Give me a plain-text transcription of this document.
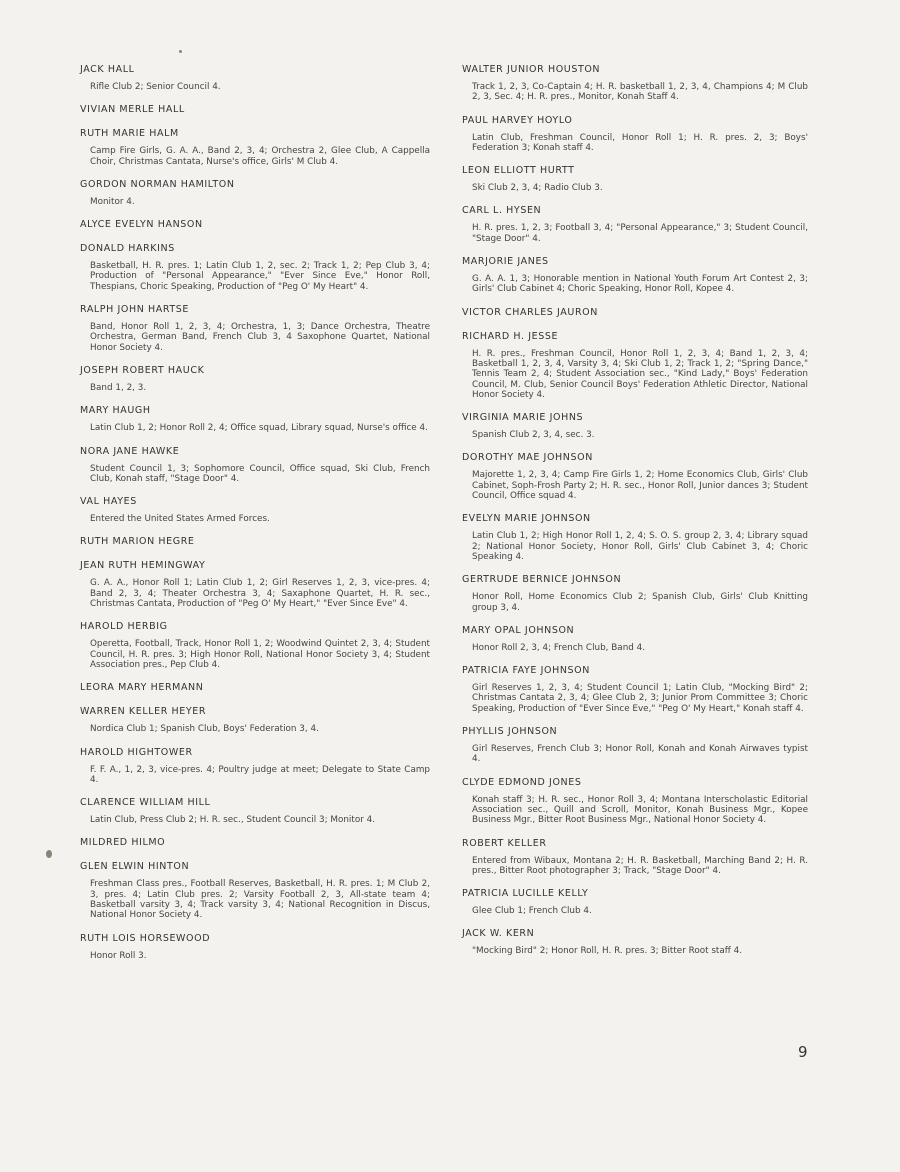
JACK HALL
Rifle Club 2; Senior Council 4.
VIVIAN MERLE HALL
RUTH MARIE HALM
Camp Fire Girls, G. A. A., Band 2, 3, 4; Orchestra 2, Glee Club, A Cappella Choir, Christmas Cantata, Nurse's office, Girls' M Club 4.
GORDON NORMAN HAMILTON
Monitor 4.
ALYCE EVELYN HANSON
DONALD HARKINS
Basketball, H. R. pres. 1; Latin Club 1, 2, sec. 2; Track 1, 2; Pep Club 3, 4; Production of "Personal Appearance," "Ever Since Eve," Honor Roll, Thespians, Choric Speaking, Production of "Peg O' My Heart" 4.
RALPH JOHN HARTSE
Band, Honor Roll 1, 2, 3, 4; Orchestra, 1, 3; Dance Orchestra, Theatre Orchestra, German Band, French Club 3, 4 Saxophone Quartet, National Honor Society 4.
JOSEPH ROBERT HAUCK
Band 1, 2, 3.
MARY HAUGH
Latin Club 1, 2; Honor Roll 2, 4; Office squad, Library squad, Nurse's office 4.
NORA JANE HAWKE
Student Council 1, 3; Sophomore Council, Office squad, Ski Club, French Club, Konah staff, "Stage Door" 4.
VAL HAYES
Entered the United States Armed Forces.
RUTH MARION HEGRE
JEAN RUTH HEMINGWAY
G. A. A., Honor Roll 1; Latin Club 1, 2; Girl Reserves 1, 2, 3, vice-pres. 4; Band 2, 3, 4; Theater Orchestra 3, 4; Saxaphone Quartet, H. R. sec., Christmas Cantata, Production of "Peg O' My Heart," "Ever Since Eve" 4.
HAROLD HERBIG
Operetta, Football, Track, Honor Roll 1, 2; Woodwind Quintet 2, 3, 4; Student Council, H. R. pres. 3; High Honor Roll, National Honor Society 3, 4; Student Association pres., Pep Club 4.
LEORA MARY HERMANN
WARREN KELLER HEYER
Nordica Club 1; Spanish Club, Boys' Federation 3, 4.
HAROLD HIGHTOWER
F. F. A., 1, 2, 3, vice-pres. 4; Poultry judge at meet; Delegate to State Camp 4.
CLARENCE WILLIAM HILL
Latin Club, Press Club 2; H. R. sec., Student Council 3; Monitor 4.
MILDRED HILMO
GLEN ELWIN HINTON
Freshman Class pres., Football Reserves, Basketball, H. R. pres. 1; M Club 2, 3, pres. 4; Latin Club pres. 2; Varsity Football 2, 3, All-state team 4; Basketball varsity 3, 4; Track varsity 3, 4; National Recognition in Discus, National Honor Society 4.
RUTH LOIS HORSEWOOD
Honor Roll 3.
WALTER JUNIOR HOUSTON
Track 1, 2, 3, Co-Captain 4; H. R. basketball 1, 2, 3, 4, Champions 4; M Club 2, 3, Sec. 4; H. R. pres., Monitor, Konah Staff 4.
PAUL HARVEY HOYLO
Latin Club, Freshman Council, Honor Roll 1; H. R. pres. 2, 3; Boys' Federation 3; Konah staff 4.
LEON ELLIOTT HURTT
Ski Club 2, 3, 4; Radio Club 3.
CARL L. HYSEN
H. R. pres. 1, 2, 3; Football 3, 4; "Personal Appearance," 3; Student Council, "Stage Door" 4.
MARJORIE JANES
G. A. A. 1, 3; Honorable mention in National Youth Forum Art Contest 2, 3; Girls' Club Cabinet 4; Choric Speaking, Honor Roll, Kopee 4.
VICTOR CHARLES JAURON
RICHARD H. JESSE
H. R. pres., Freshman Council, Honor Roll 1, 2, 3, 4; Band 1, 2, 3, 4; Basketball 1, 2, 3, 4, Varsity 3, 4; Ski Club 1, 2; Track 1, 2; "Spring Dance," Tennis Team 2, 4; Student Association sec., "Kind Lady," Boys' Federation Council, M. Club, Senior Council Boys' Federation Athletic Director, National Honor Society 4.
VIRGINIA MARIE JOHNS
Spanish Club 2, 3, 4, sec. 3.
DOROTHY MAE JOHNSON
Majorette 1, 2, 3, 4; Camp Fire Girls 1, 2; Home Economics Club, Girls' Club Cabinet, Soph-Frosh Party 2; H. R. sec., Honor Roll, Junior dances 3; Student Council, Office squad 4.
EVELYN MARIE JOHNSON
Latin Club 1, 2; High Honor Roll 1, 2, 4; S. O. S. group 2, 3, 4; Library squad 2; National Honor Society, Honor Roll, Girls' Club Cabinet 3, 4; Choric Speaking 4.
GERTRUDE BERNICE JOHNSON
Honor Roll, Home Economics Club 2; Spanish Club, Girls' Club Knitting group 3, 4.
MARY OPAL JOHNSON
Honor Roll 2, 3, 4; French Club, Band 4.
PATRICIA FAYE JOHNSON
Girl Reserves 1, 2, 3, 4; Student Council 1; Latin Club, "Mocking Bird" 2; Christmas Cantata 2, 3, 4; Glee Club 2, 3; Junior Prom Committee 3; Choric Speaking, Production of "Ever Since Eve," "Peg O' My Heart," Konah staff 4.
PHYLLIS JOHNSON
Girl Reserves, French Club 3; Honor Roll, Konah and Konah Airwaves typist 4.
CLYDE EDMOND JONES
Konah staff 3; H. R. sec., Honor Roll 3, 4; Montana Interscholastic Editorial Association sec., Quill and Scroll, Monitor, Konah Business Mgr., Kopee Business Mgr., Bitter Root Business Mgr., National Honor Society 4.
ROBERT KELLER
Entered from Wibaux, Montana 2; H. R. Basketball, Marching Band 2; H. R. pres., Bitter Root photographer 3; Track, "Stage Door" 4.
PATRICIA LUCILLE KELLY
Glee Club 1; French Club 4.
JACK W. KERN
"Mocking Bird" 2; Honor Roll, H. R. pres. 3; Bitter Root staff 4.
9
